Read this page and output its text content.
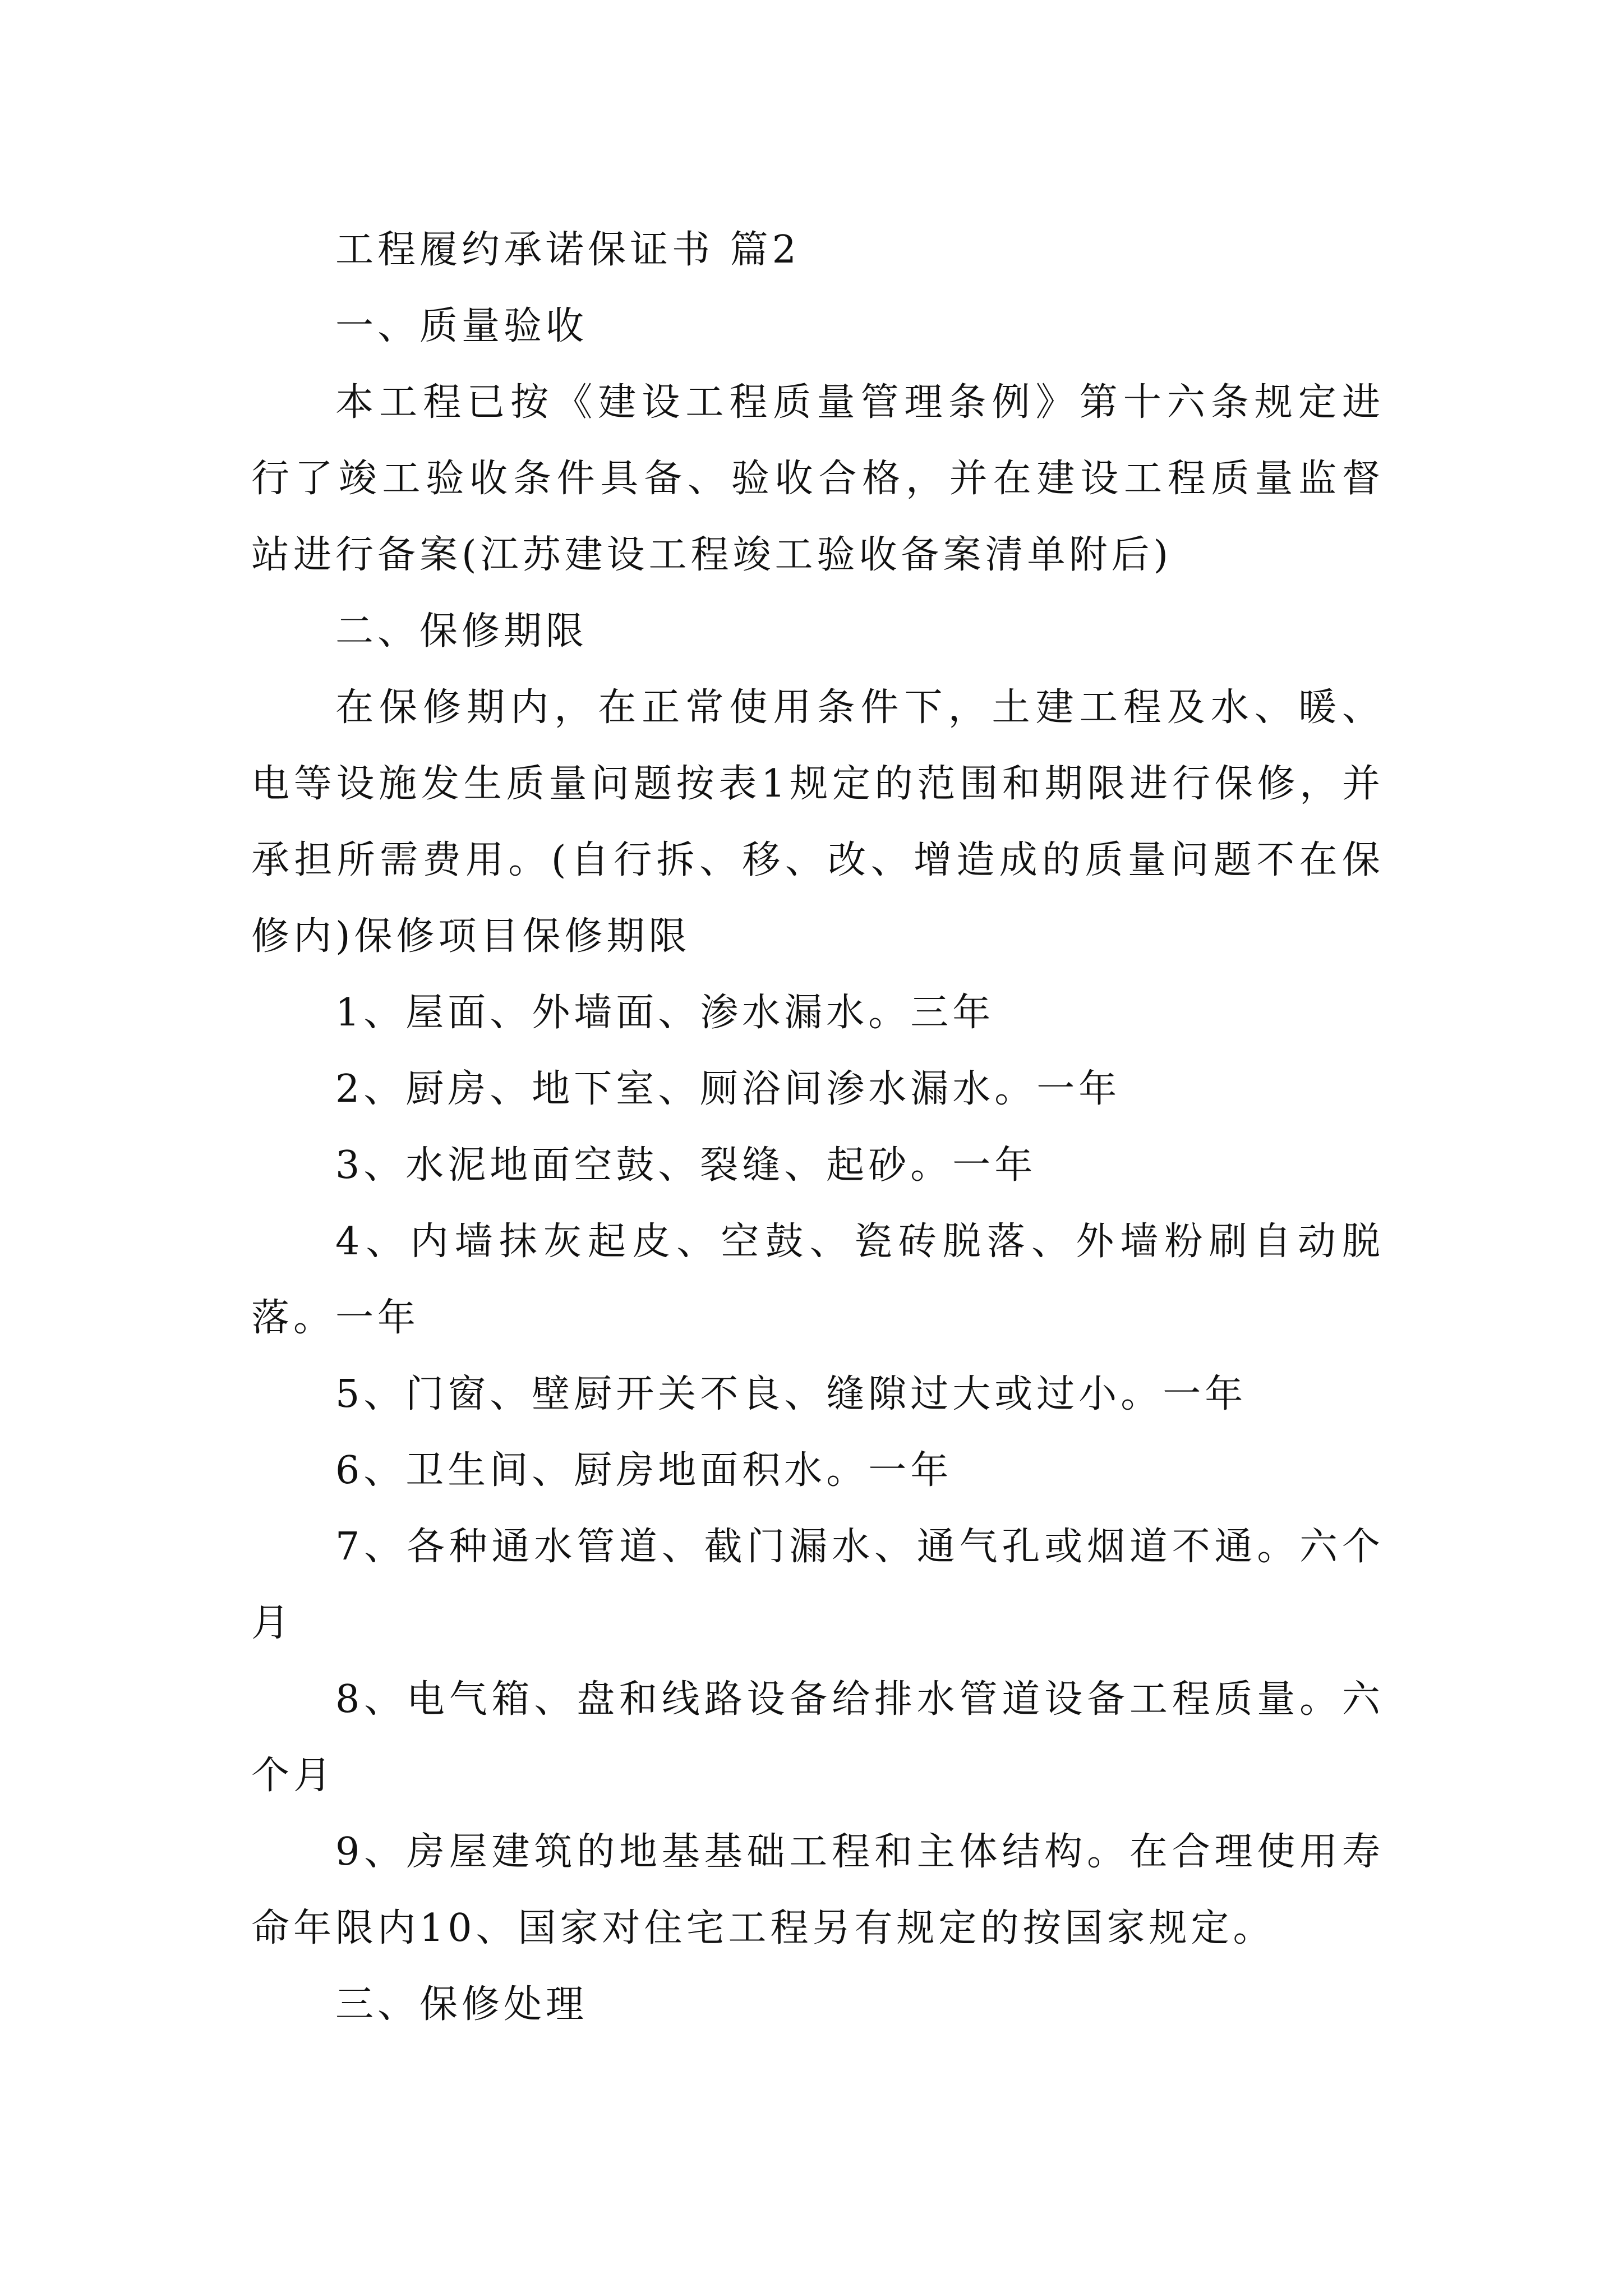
工程履约承诺保证书 篇2

一、质量验收

本工程已按《建设工程质量管理条例》第十六条规定进行了竣工验收条件具备、验收合格，并在建设工程质量监督站进行备案(江苏建设工程竣工验收备案清单附后)

二、保修期限

在保修期内，在正常使用条件下，土建工程及水、暖、电等设施发生质量问题按表1规定的范围和期限进行保修，并承担所需费用。(自行拆、移、改、增造成的质量问题不在保修内)保修项目保修期限

1、屋面、外墙面、渗水漏水。三年

2、厨房、地下室、厕浴间渗水漏水。一年

3、水泥地面空鼓、裂缝、起砂。一年

4、内墙抹灰起皮、空鼓、瓷砖脱落、外墙粉刷自动脱落。一年

5、门窗、壁厨开关不良、缝隙过大或过小。一年

6、卫生间、厨房地面积水。一年

7、各种通水管道、截门漏水、通气孔或烟道不通。六个月

8、电气箱、盘和线路设备给排水管道设备工程质量。六个月

9、房屋建筑的地基基础工程和主体结构。在合理使用寿命年限内10、国家对住宅工程另有规定的按国家规定。

三、保修处理
